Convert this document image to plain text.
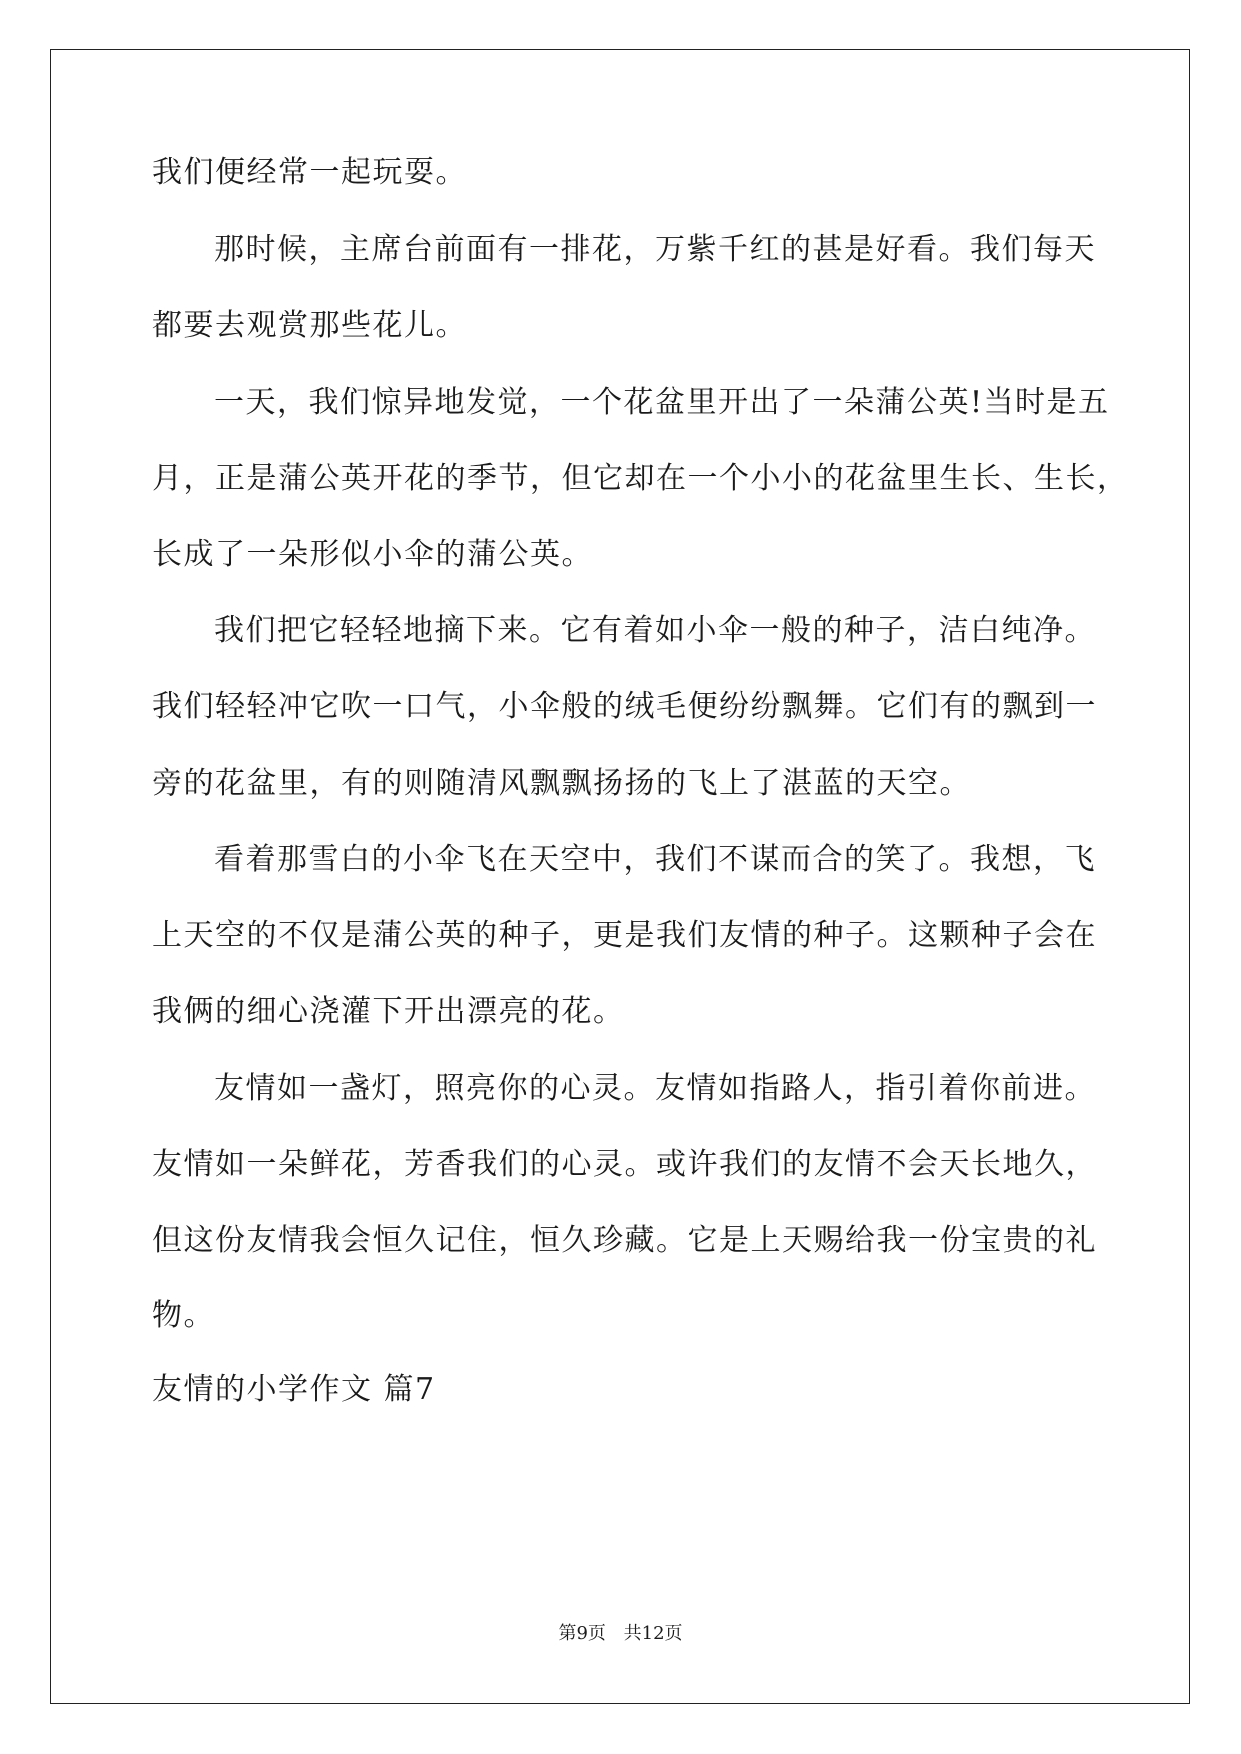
我们便经常一起玩耍。
那时候，主席台前面有一排花，万紫千红的甚是好看。我们每天
都要去观赏那些花儿。
一天，我们惊异地发觉，一个花盆里开出了一朵蒲公英!当时是五
月，正是蒲公英开花的季节，但它却在一个小小的花盆里生长、生长，
长成了一朵形似小伞的蒲公英。
我们把它轻轻地摘下来。它有着如小伞一般的种子，洁白纯净。
我们轻轻冲它吹一口气，小伞般的绒毛便纷纷飘舞。它们有的飘到一
旁的花盆里，有的则随清风飘飘扬扬的飞上了湛蓝的天空。
看着那雪白的小伞飞在天空中，我们不谋而合的笑了。我想，飞
上天空的不仅是蒲公英的种子，更是我们友情的种子。这颗种子会在
我俩的细心浇灌下开出漂亮的花。
友情如一盏灯，照亮你的心灵。友情如指路人，指引着你前进。
友情如一朵鲜花，芳香我们的心灵。或许我们的友情不会天长地久，
但这份友情我会恒久记住，恒久珍藏。它是上天赐给我一份宝贵的礼
物。
友情的小学作文 篇7
第9页 共12页
